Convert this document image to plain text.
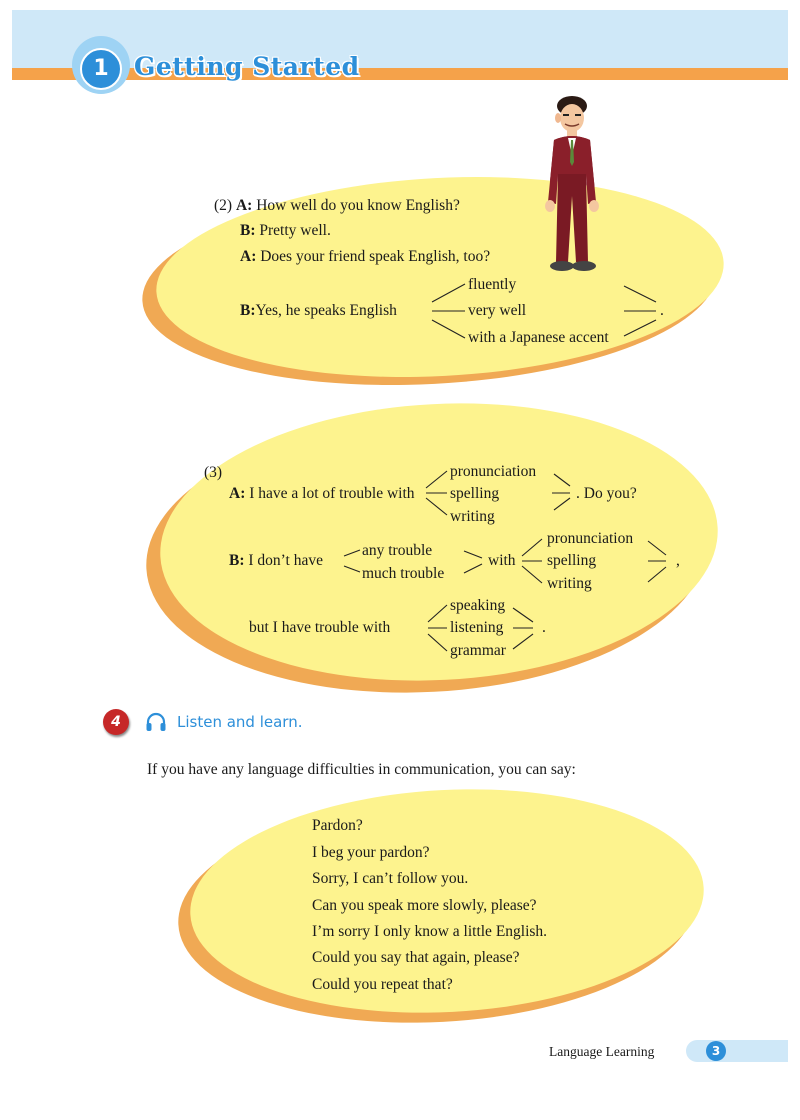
1	Getting Started
(2) A: How well do you know English?
B: Pretty well.
A: Does your friend speak English, too?
B:Yes, he speaks English
fluently
very well
with a Japanese accent
.
(3)
A: I have a lot of trouble with
pronunciation
spelling
writing
. Do you?
B: I don’t have
any trouble
much trouble
with
pronunciation
spelling
writing
,
but I have trouble with
speaking
listening
grammar
.
4	Listen and learn.
If you have any language difficulties in communication, you can say:
Pardon?
I beg your pardon?
Sorry, I can’t follow you.
Can you speak more slowly, please?
I’m sorry I only know a little English.
Could you say that again, please?
Could you repeat that?
Language Learning	3
